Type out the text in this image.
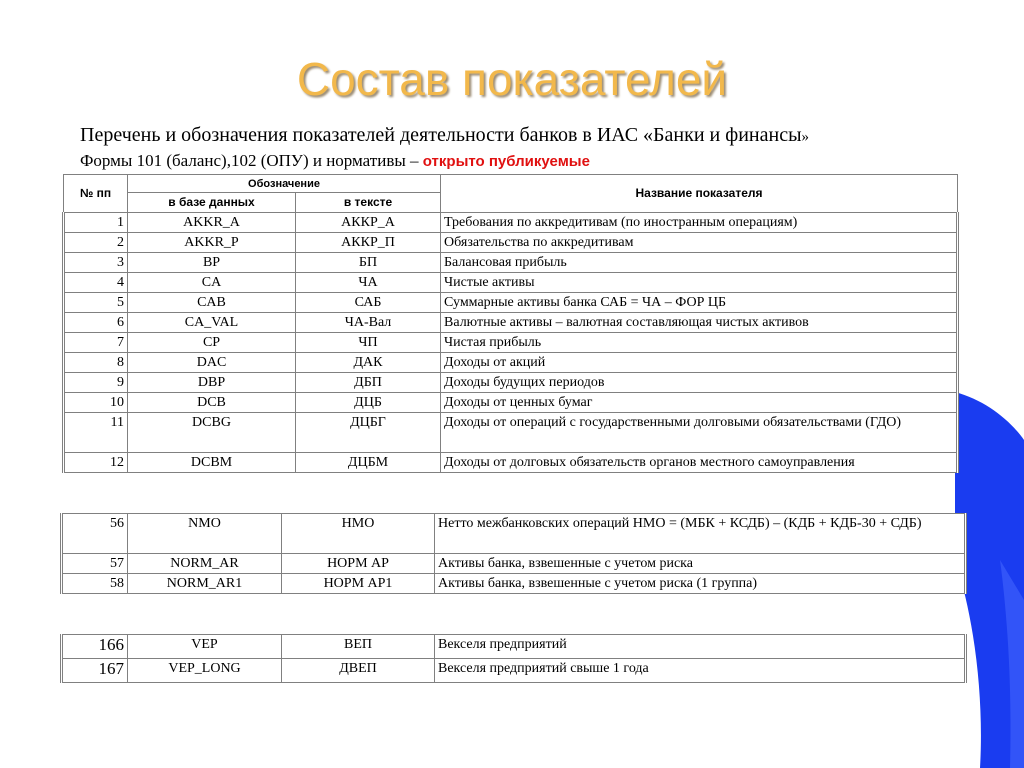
Состав показателей
Перечень и обозначения показателей деятельности банков в ИАС «Банки и финансы»
Формы 101 (баланс),102 (ОПУ) и нормативы – открыто публикуемые
№ пп	Обозначение		Название показателя
	в базе данных	в тексте	
1	AKKR_A	АККР_А	Требования по аккредитивам (по иностранным операциям)
2	AKKR_P	АККР_П	Обязательства по аккредитивам
3	BP	БП	Балансовая прибыль
4	CA	ЧА	Чистые активы
5	CAB	САБ	Суммарные активы банка САБ = ЧА – ФОР ЦБ
6	CA_VAL	ЧА-Вал	Валютные активы – валютная составляющая чистых активов
7	CP	ЧП	Чистая прибыль
8	DAC	ДАК	Доходы от акций
9	DBP	ДБП	Доходы будущих периодов
10	DCB	ДЦБ	Доходы от ценных бумаг
11	DCBG	ДЦБГ	Доходы от операций с государственными долговыми обязательствами (ГДО)
12	DCBM	ДЦБМ	Доходы от долговых обязательств органов местного самоуправления
56	NMO	НМО	Нетто межбанковских операций НМО = (МБК + КСДБ) – (КДБ + КДБ-30 + СДБ)
57	NORM_AR	НОРМ АР	Активы банка, взвешенные с учетом риска
58	NORM_AR1	НОРМ АР1	Активы банка, взвешенные с учетом риска (1 группа)
166	VEP	ВЕП	Векселя предприятий
167	VEP_LONG	ДВЕП	Векселя предприятий свыше 1 года
